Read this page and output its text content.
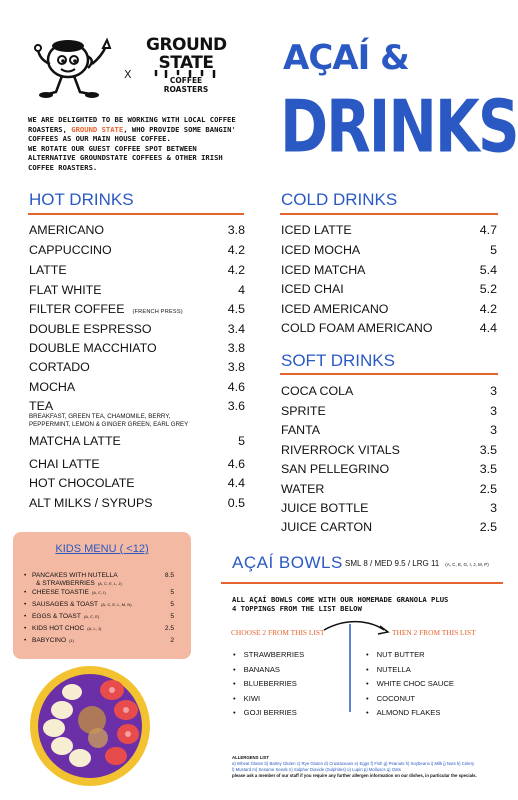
X
GROUND
STATE
COFFEE
ROASTERS
WE ARE DELIGHTED TO BE WORKING WITH LOCAL COFFEE
ROASTERS, GROUND STATE, WHO PROVIDE SOME BANGIN'
COFFEES AS OUR MAIN HOUSE COFFEE.
WE ROTATE OUR GUEST COFFEE SPOT BETWEEN
ALTERNATIVE GROUNDSTATE COFFEES & OTHER IRISH
COFFEE ROASTERS.
AÇAÍ &
DRINKS
HOT DRINKS
AMERICANO	3.8
CAPPUCCINO	4.2
LATTE	4.2
FLAT WHITE	4
FILTER COFFEE (FRENCH PRESS)	4.5
DOUBLE ESPRESSO	3.4
DOUBLE MACCHIATO	3.8
CORTADO	3.8
MOCHA	4.6
TEA	3.6
MATCHA LATTE	5
CHAI LATTE	4.6
HOT CHOCOLATE	4.4
ALT MILKS / SYRUPS	0.5
BREAKFAST, GREEN TEA, CHAMOMILE, BERRY,
PEPPERMINT, LEMON & GINGER GREEN, EARL GREY
COLD DRINKS
ICED LATTE	4.7
ICED MOCHA	5
ICED MATCHA	5.4
ICED CHAI	5.2
ICED AMERICANO	4.2
COLD FOAM AMERICANO	4.4
SOFT DRINKS
COCA COLA	3
SPRITE	3
FANTA	3
RIVERROCK VITALS	3.5
SAN PELLEGRINO	3.5
WATER	2.5
JUICE BOTTLE	3
JUICE CARTON	2.5
KIDS MENU ( <12)
• PANCAKES WITH NUTELLA
& STRAWBERRIES (A, C, E, L, J)
8.5
• CHEESE TOASTIE (A, C, I)	5
• SAUSAGES & TOAST (A, C, E, L, M, N)	5
• EGGS & TOAST (A, C, E)	5
• KIDS HOT CHOC (A, L, J)	2.5
• BABYCINO (1)	2
AÇAÍ BOWLS SML 8 / MED 9.5 / LRG 11 (A, C, E, G, I, J, M, P)
ALL AÇAÍ BOWLS COME WITH OUR HOMEMADE GRANOLA PLUS
4 TOPPINGS FROM THE LIST BELOW
CHOOSE 2 FROM THIS LIST	THEN 2 FROM THIS LIST
• STRAWBERRIES
• BANANAS
• BLUEBERRIES
• KIWI
• GOJI BERRIES
• NUT BUTTER
• NUTELLA
• WHITE CHOC SAUCE
• COCONUT
• ALMOND FLAKES
ALLERGENS LIST
a) Wheat Gluten b) Barley Gluten c) Rye Gluten d) Crustaceans e) Eggs f) Fish g) Peanuts h) Soybeans i) Milk j) Nuts k) Celery
l) Mustard m) Sesame Seeds n) Sulphur Dioxide (Sulphites) o) Lupin p) Molluscs q) Oats
please ask a member of our staff if you require any further allergen information on our dishes, in particular the specials.
